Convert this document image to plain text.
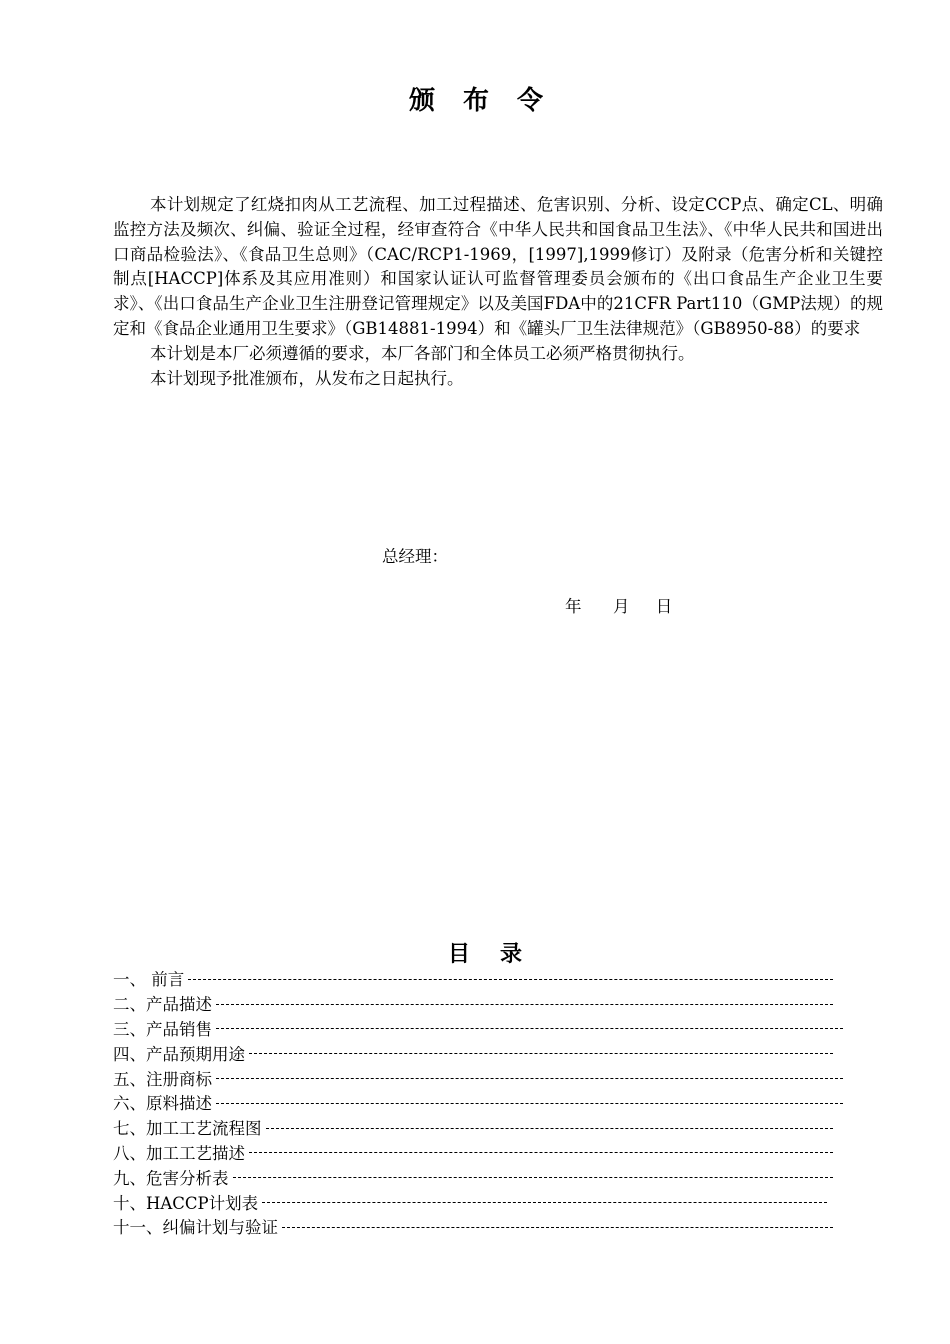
颁布令

本计划规定了红烧扣肉从工艺流程、加工过程描述、危害识别、分析、设定CCP点、确定CL、明确监控方法及频次、纠偏、验证全过程，经审查符合《中华人民共和国食品卫生法》、《中华人民共和国进出口商品检验法》、《食品卫生总则》（CAC/RCP1-1969，[1997],1999修订）及附录（危害分析和关键控制点[HACCP]体系及其应用准则）和国家认证认可监督管理委员会颁布的《出口食品生产企业卫生要求》、《出口食品生产企业卫生注册登记管理规定》以及美国FDA中的21CFR Part110（GMP法规）的规定和《食品企业通用卫生要求》（GB14881-1994）和《罐头厂卫生法律规范》（GB8950-88）的要求

本计划是本厂必须遵循的要求，本厂各部门和全体员工必须严格贯彻执行。

本计划现予批准颁布，从发布之日起执行。

总经理：
年      月     日
目录
一、 前言
二、产品描述
三、产品销售
四、产品预期用途
五、注册商标
六、原料描述
七、加工工艺流程图
八、加工工艺描述
九、危害分析表
十、HACCP计划表
十一、纠偏计划与验证
